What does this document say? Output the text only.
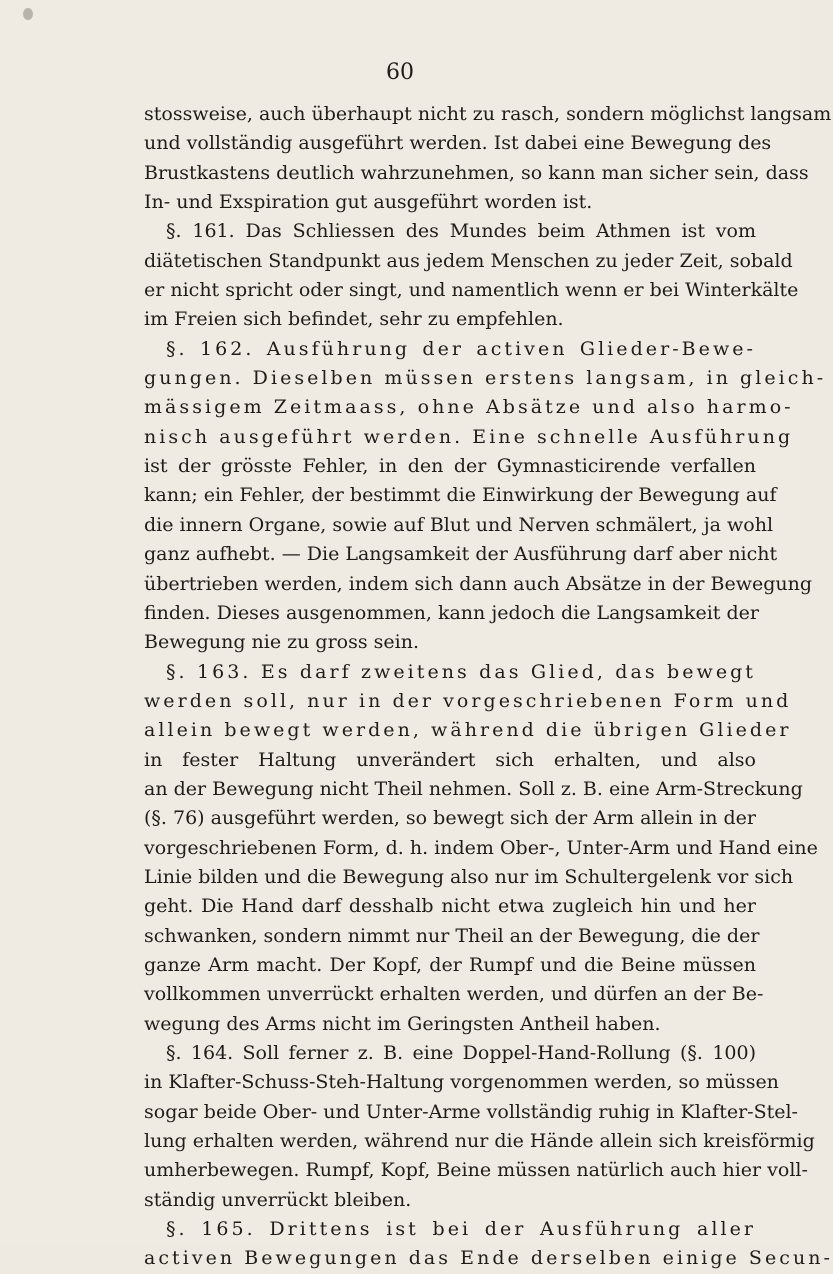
60
stossweise, auch überhaupt nicht zu rasch, sondern möglichst langsam
und vollständig ausgeführt werden. Ist dabei eine Bewegung des
Brustkastens deutlich wahrzunehmen, so kann man sicher sein, dass
In- und Exspiration gut ausgeführt worden ist.
§. 161. Das Schliessen des Mundes beim Athmen ist vom
diätetischen Standpunkt aus jedem Menschen zu jeder Zeit, sobald
er nicht spricht oder singt, und namentlich wenn er bei Winterkälte
im Freien sich befindet, sehr zu empfehlen.
§. 162. Ausführung der activen Glieder-Bewe-
gungen. Dieselben müssen erstens langsam, in gleich-
mässigem Zeitmaass, ohne Absätze und also harmo-
nisch ausgeführt werden. Eine schnelle Ausführung
ist der grösste Fehler, in den der Gymnasticirende verfallen
kann; ein Fehler, der bestimmt die Einwirkung der Bewegung auf
die innern Organe, sowie auf Blut und Nerven schmälert, ja wohl
ganz aufhebt. — Die Langsamkeit der Ausführung darf aber nicht
übertrieben werden, indem sich dann auch Absätze in der Bewegung
finden. Dieses ausgenommen, kann jedoch die Langsamkeit der
Bewegung nie zu gross sein.
§. 163. Es darf zweitens das Glied, das bewegt
werden soll, nur in der vorgeschriebenen Form und
allein bewegt werden, während die übrigen Glieder
in fester Haltung unverändert sich erhalten, und also
an der Bewegung nicht Theil nehmen. Soll z. B. eine Arm-Streckung
(§. 76) ausgeführt werden, so bewegt sich der Arm allein in der
vorgeschriebenen Form, d. h. indem Ober-, Unter-Arm und Hand eine
Linie bilden und die Bewegung also nur im Schultergelenk vor sich
geht. Die Hand darf desshalb nicht etwa zugleich hin und her
schwanken, sondern nimmt nur Theil an der Bewegung, die der
ganze Arm macht. Der Kopf, der Rumpf und die Beine müssen
vollkommen unverrückt erhalten werden, und dürfen an der Be-
wegung des Arms nicht im Geringsten Antheil haben.
§. 164. Soll ferner z. B. eine Doppel-Hand-Rollung (§. 100)
in Klafter-Schuss-Steh-Haltung vorgenommen werden, so müssen
sogar beide Ober- und Unter-Arme vollständig ruhig in Klafter-Stel-
lung erhalten werden, während nur die Hände allein sich kreisförmig
umherbewegen. Rumpf, Kopf, Beine müssen natürlich auch hier voll-
ständig unverrückt bleiben.
§. 165. Drittens ist bei der Ausführung aller
activen Bewegungen das Ende derselben einige Secun-
